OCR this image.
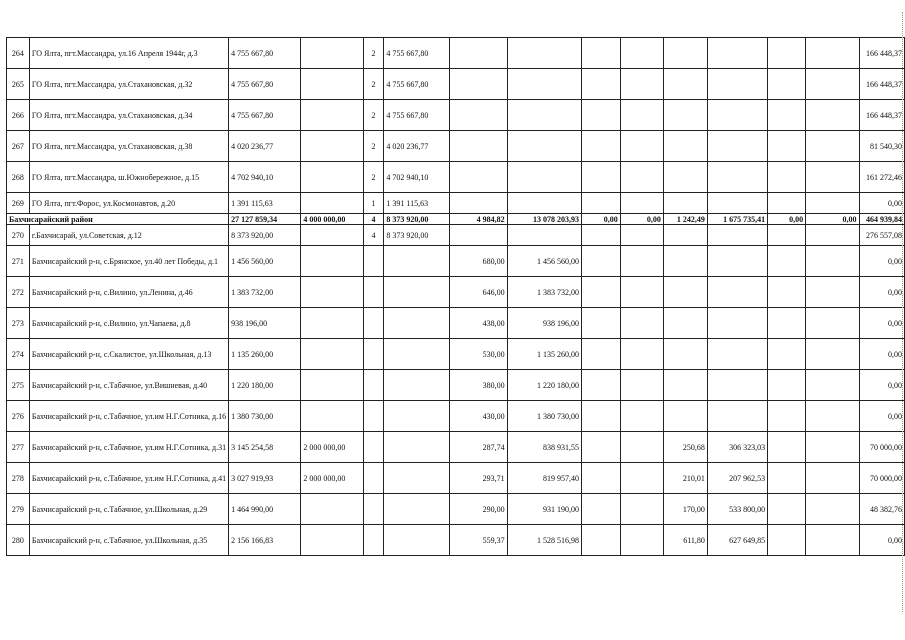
264	ГО Ялта, пгт.Массандра, ул.16 Апреля 1944г, д.3	4 755 667,80		2	4 755 667,80									166 448,37
265	ГО Ялта, пгт.Массандра, ул.Стахановская, д.32	4 755 667,80		2	4 755 667,80									166 448,37
266	ГО Ялта, пгт.Массандра, ул.Стахановская, д.34	4 755 667,80		2	4 755 667,80									166 448,37
267	ГО Ялта, пгт.Массандра, ул.Стахановская, д.38	4 020 236,77		2	4 020 236,77									81 540,30
268	ГО Ялта, пгт.Массандра, ш.Южнобережное, д.15	4 702 940,10		2	4 702 940,10									161 272,46
269	ГО Ялта, пгт.Форос, ул.Космонавтов, д.20	1 391 115,63		1	1 391 115,63									0,00
Бахчисарайский район		27 127 859,34	4 000 000,00	4	8 373 920,00	4 984,82	13 078 203,93	0,00	0,00	1 242,49	1 675 735,41	0,00	0,00	464 939,84
270	г.Бахчисарай, ул.Советская, д.12	8 373 920,00		4	8 373 920,00									276 557,08
271	Бахчисарайский р-н, с.Брянское, ул.40 лет Победы, д.1	1 456 560,00				680,00	1 456 560,00							0,00
272	Бахчисарайский р-н, с.Вилино, ул.Ленина, д.46	1 383 732,00				646,00	1 383 732,00							0,00
273	Бахчисарайский р-н, с.Вилино, ул.Чапаева, д.8	938 196,00				438,00	938 196,00							0,00
274	Бахчисарайский р-н, с.Скалистое, ул.Школьная, д.13	1 135 260,00				530,00	1 135 260,00							0,00
275	Бахчисарайский р-н, с.Табачное, ул.Вишневая, д.40	1 220 180,00				380,00	1 220 180,00							0,00
276	Бахчисарайский р-н, с.Табачное, ул.им Н.Г.Сотника, д.16	1 380 730,00				430,00	1 380 730,00							0,00
277	Бахчисарайский р-н, с.Табачное, ул.им Н.Г.Сотника, д.31	3 145 254,58	2 000 000,00			287,74	838 931,55			250,68	306 323,03			70 000,00
278	Бахчисарайский р-н, с.Табачное, ул.им Н.Г.Сотника, д.41	3 027 919,93	2 000 000,00			293,71	819 957,40			210,01	207 962,53			70 000,00
279	Бахчисарайский р-н, с.Табачное, ул.Школьная, д.29	1 464 990,00				290,00	931 190,00			170,00	533 800,00			48 382,76
280	Бахчисарайский р-н, с.Табачное, ул.Школьная, д.35	2 156 166,83				559,37	1 528 516,98			611,80	627 649,85			0,00
